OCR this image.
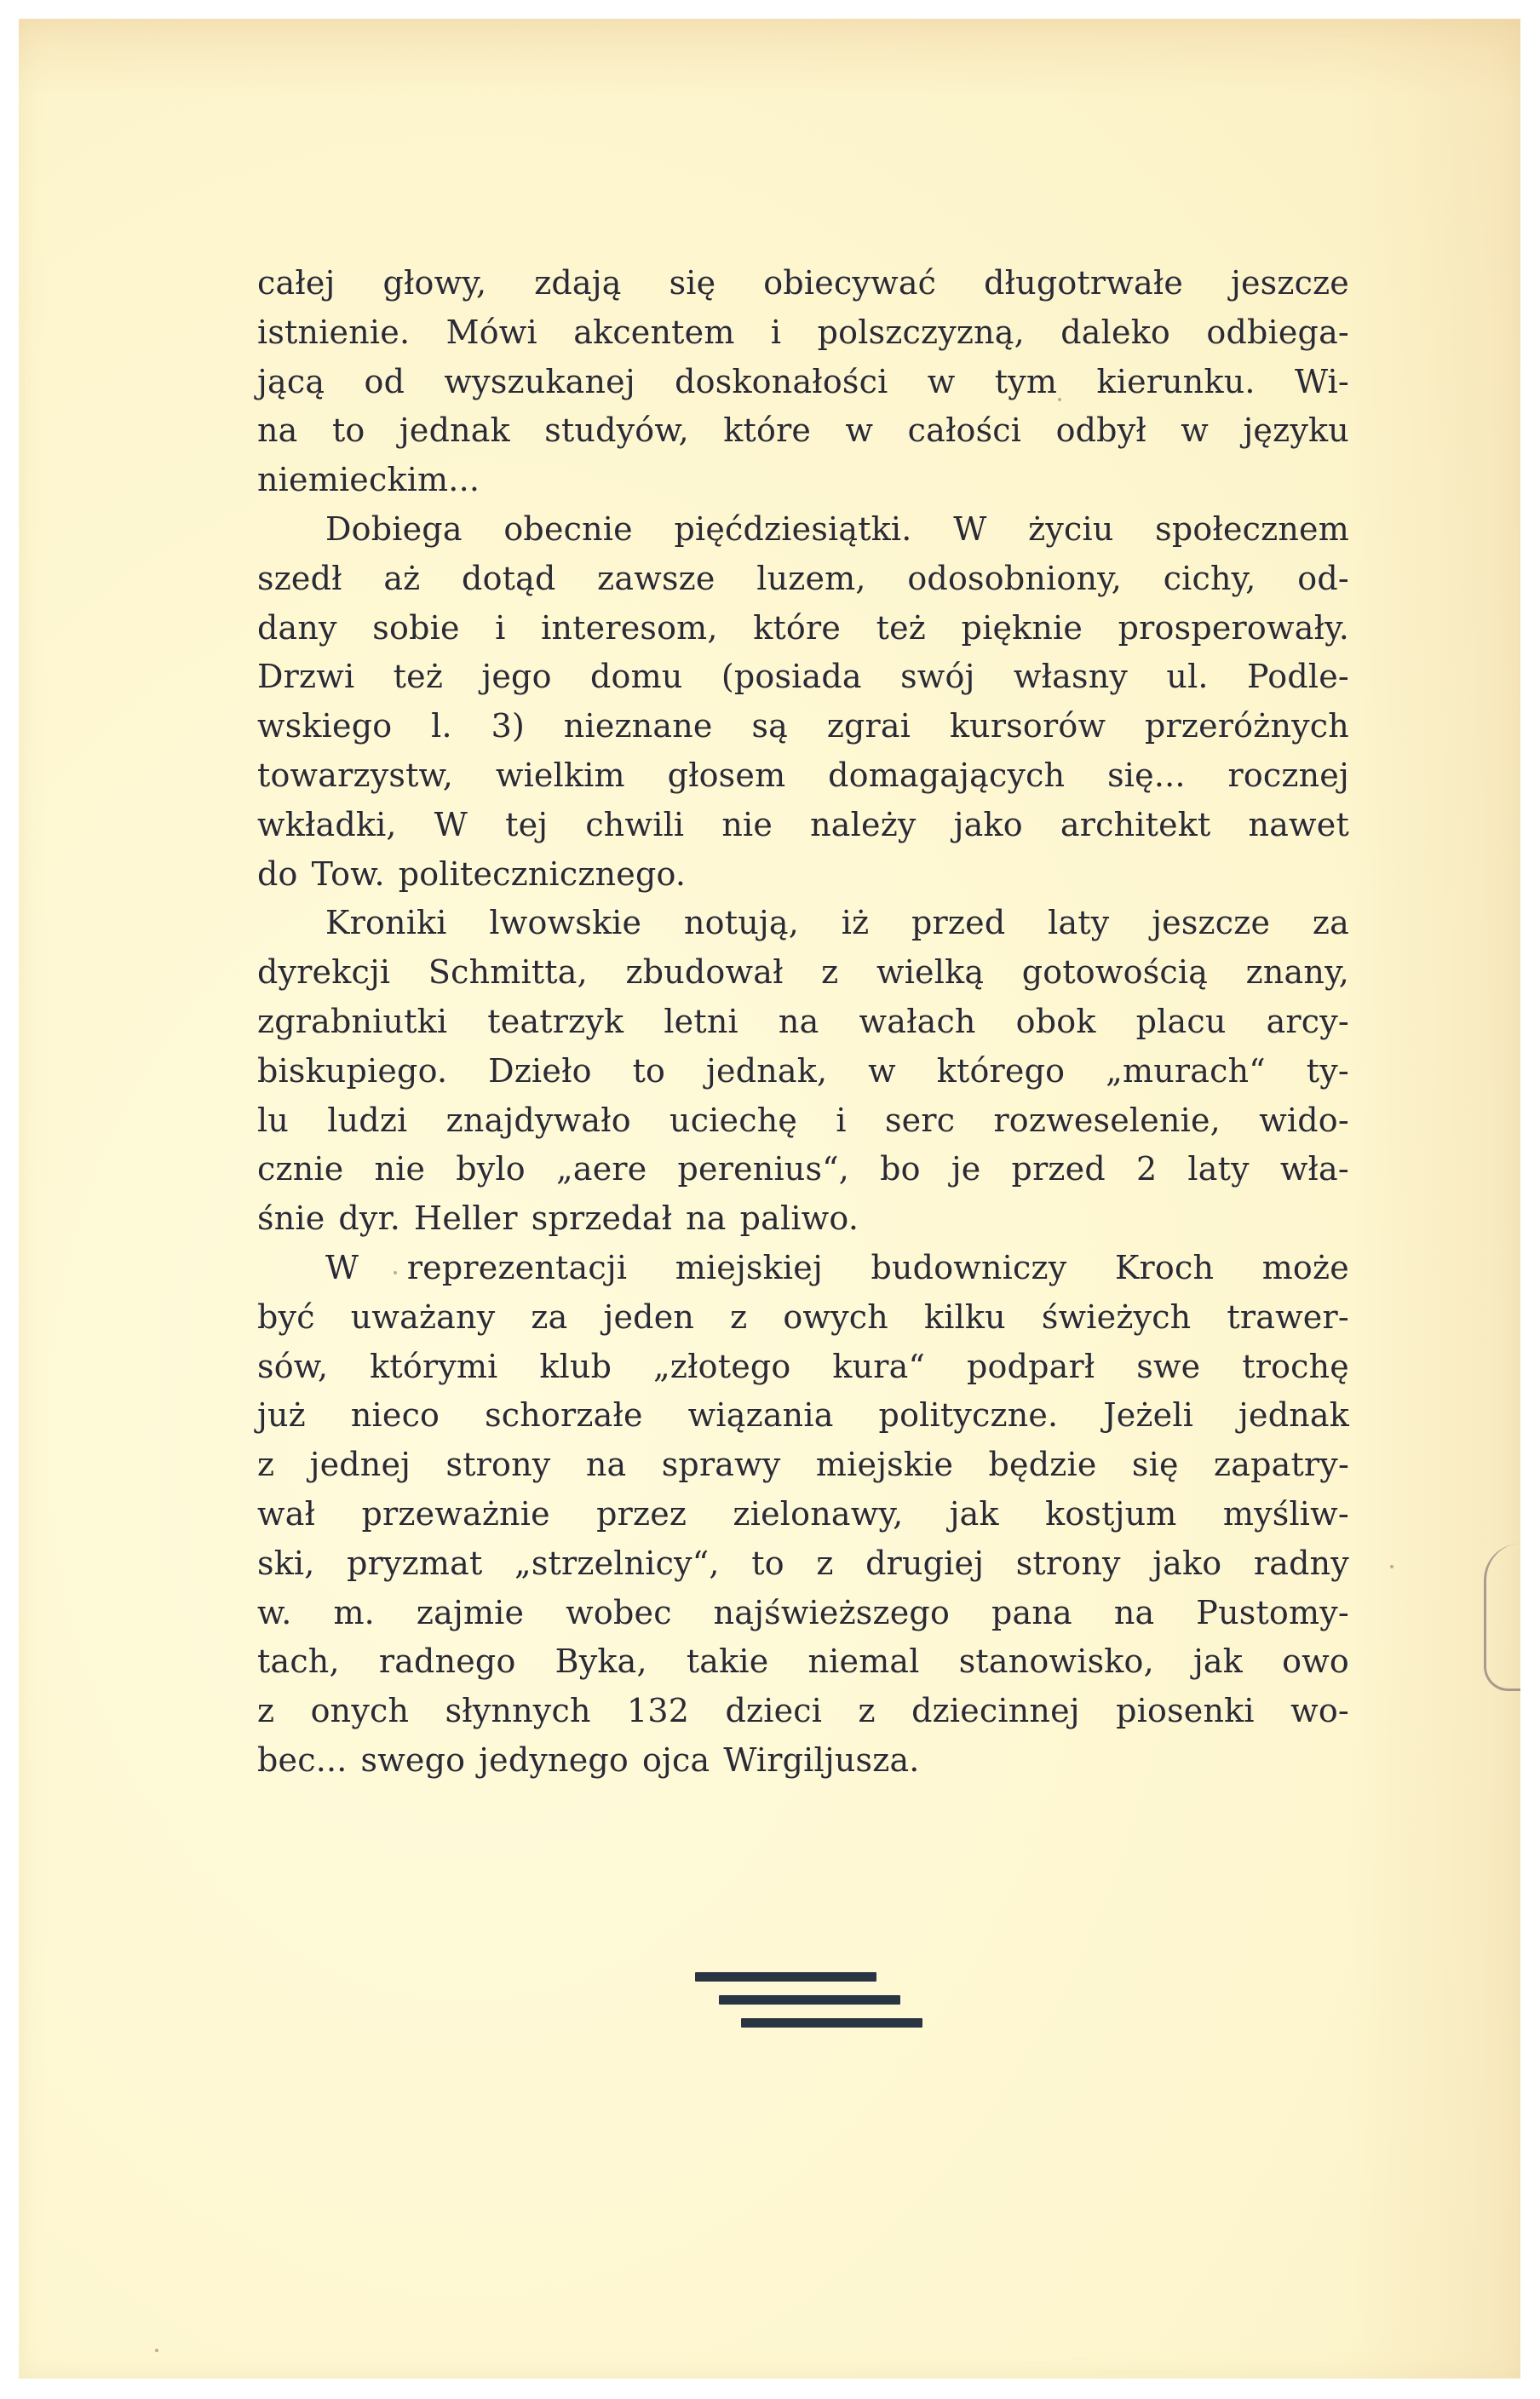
całej głowy, zdają się obiecywać długotrwałe jeszcze
istnienie. Mówi akcentem i polszczyzną, daleko odbiega-
jącą od wyszukanej doskonałości w tym kierunku. Wi-
na to jednak studyów, które w całości odbył w języku
niemieckim...
Dobiega obecnie pięćdziesiątki. W życiu społecznem
szedł aż dotąd zawsze luzem, odosobniony, cichy, od-
dany sobie i interesom, które też pięknie prosperowały.
Drzwi też jego domu (posiada swój własny ul. Podle-
wskiego l. 3) nieznane są zgrai kursorów przeróżnych
towarzystw, wielkim głosem domagających się... rocznej
wkładki, W tej chwili nie należy jako architekt nawet
do Tow. politecznicznego.
Kroniki lwowskie notują, iż przed laty jeszcze za
dyrekcji Schmitta, zbudował z wielką gotowością znany,
zgrabniutki teatrzyk letni na wałach obok placu arcy-
biskupiego. Dzieło to jednak, w którego „murach“ ty-
lu ludzi znajdywało uciechę i serc rozweselenie, wido-
cznie nie bylo „aere perenius“, bo je przed 2 laty wła-
śnie dyr. Heller sprzedał na paliwo.
W reprezentacji miejskiej budowniczy Kroch może
być uważany za jeden z owych kilku świeżych trawer-
sów, którymi klub „złotego kura“ podparł swe trochę
już nieco schorzałe wiązania polityczne. Jeżeli jednak
z jednej strony na sprawy miejskie będzie się zapatry-
wał przeważnie przez zielonawy, jak kostjum myśliw-
ski, pryzmat „strzelnicy“, to z drugiej strony jako radny
w. m. zajmie wobec najświeższego pana na Pustomy-
tach, radnego Byka, takie niemal stanowisko, jak owo
z onych słynnych 132 dzieci z dziecinnej piosenki wo-
bec... swego jedynego ojca Wirgiljusza.
